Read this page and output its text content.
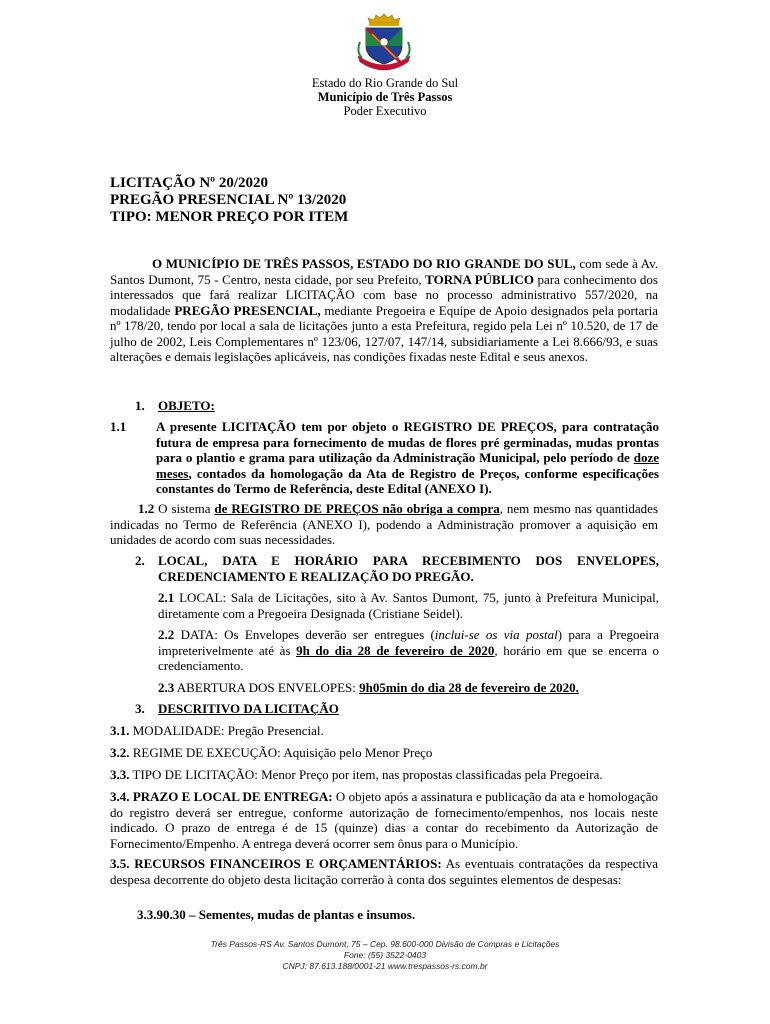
Estado do Rio Grande do Sul
Município de Três Passos
Poder Executivo
LICITAÇÃO Nº 20/2020
PREGÃO PRESENCIAL Nº 13/2020
TIPO: MENOR PREÇO POR ITEM
O MUNICÍPIO DE TRÊS PASSOS, ESTADO DO RIO GRANDE DO SUL, com sede à Av. Santos Dumont, 75 - Centro, nesta cidade, por seu Prefeito, TORNA PÚBLICO para conhecimento dos interessados que fará realizar LICITAÇÃO com base no processo administrativo 557/2020, na modalidade PREGÃO PRESENCIAL, mediante Pregoeira e Equipe de Apoio designados pela portaria nº 178/20, tendo por local a sala de licitações junto a esta Prefeitura, regido pela Lei nº 10.520, de 17 de julho de 2002, Leis Complementares nº 123/06, 127/07, 147/14, subsidiariamente a Lei 8.666/93, e suas alterações e demais legislações aplicáveis, nas condições fixadas neste Edital e seus anexos.
1. OBJETO:
1.1 A presente LICITAÇÃO tem por objeto o REGISTRO DE PREÇOS, para contratação futura de empresa para fornecimento de mudas de flores pré germinadas, mudas prontas para o plantio e grama para utilização da Administração Municipal, pelo período de doze meses, contados da homologação da Ata de Registro de Preços, conforme especificações constantes do Termo de Referência, deste Edital (ANEXO I).
1.2 O sistema de REGISTRO DE PREÇOS não obriga a compra, nem mesmo nas quantidades indicadas no Termo de Referência (ANEXO I), podendo a Administração promover a aquisição em unidades de acordo com suas necessidades.
2. LOCAL, DATA E HORÁRIO PARA RECEBIMENTO DOS ENVELOPES, CREDENCIAMENTO E REALIZAÇÃO DO PREGÃO.
2.1 LOCAL: Sala de Licitações, sito à Av. Santos Dumont, 75, junto à Prefeitura Municipal, diretamente com a Pregoeira Designada (Cristiane Seidel).
2.2 DATA: Os Envelopes deverão ser entregues (inclui-se os via postal) para a Pregoeira impreterivelmente até às 9h do dia 28 de fevereiro de 2020, horário em que se encerra o credenciamento.
2.3 ABERTURA DOS ENVELOPES: 9h05min do dia 28 de fevereiro de 2020.
3. DESCRITIVO DA LICITAÇÃO
3.1. MODALIDADE: Pregão Presencial.
3.2. REGIME DE EXECUÇÃO: Aquisição pelo Menor Preço
3.3. TIPO DE LICITAÇÃO: Menor Preço por item, nas propostas classificadas pela Pregoeira.
3.4. PRAZO E LOCAL DE ENTREGA: O objeto após a assinatura e publicação da ata e homologação do registro deverá ser entregue, conforme autorização de fornecimento/empenhos, nos locais neste indicado. O prazo de entrega é de 15 (quinze) dias a contar do recebimento da Autorização de Fornecimento/Empenho. A entrega deverá ocorrer sem ônus para o Município.
3.5. RECURSOS FINANCEIROS E ORÇAMENTÁRIOS: As eventuais contratações da respectiva despesa decorrente do objeto desta licitação correrão à conta dos seguintes elementos de despesas:
3.3.90.30 – Sementes, mudas de plantas e insumos.
Três Passos-RS Av. Santos Dumont, 75 – Cep. 98.600-000 Divisão de Compras e Licitações
Fone: (55) 3522-0403
CNPJ: 87.613.188/0001-21 www.trespassos-rs.com.br
